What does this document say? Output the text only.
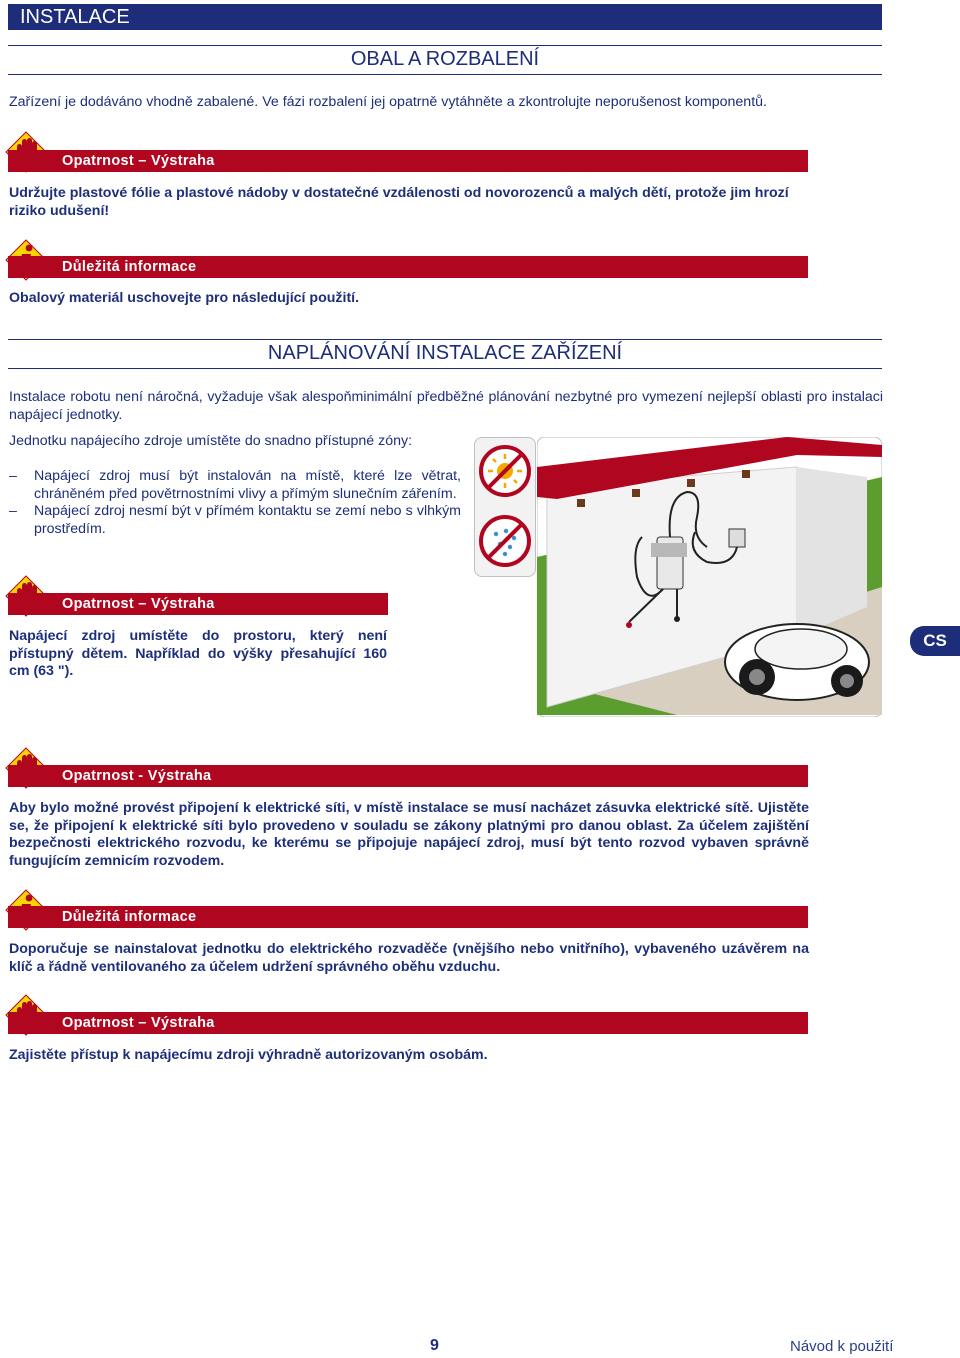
INSTALACE
OBAL A ROZBALENÍ
Zařízení je dodáváno vhodně zabalené. Ve fázi rozbalení jej opatrně vytáhněte a zkontrolujte neporušenost komponentů.
Opatrnost – Výstraha
Udržujte plastové fólie a plastové nádoby v dostatečné vzdálenosti od novorozenců a malých dětí, protože jim hrozí riziko udušení!
Důležitá informace
Obalový materiál uschovejte pro následující použití.
NAPLÁNOVÁNÍ INSTALACE ZAŘÍZENÍ
Instalace robotu není náročná, vyžaduje však alespoňminimální předběžné plánování nezbytné pro vymezení nejlepší oblasti pro instalaci napájecí jednotky.
Jednotku napájecího zdroje umístěte do snadno přístupné zóny:
– Napájecí zdroj musí být instalován na místě, které lze větrat, chráněném před povětrnostními vlivy a přímým slunečním zářením.
– Napájecí zdroj nesmí být v přímém kontaktu se zemí nebo s vlhkým prostředím.
Opatrnost – Výstraha
Napájecí zdroj umístěte do prostoru, který není přístupný dětem. Například do výšky přesahující 160 cm (63 ").
CS
Opatrnost - Výstraha
Aby bylo možné provést připojení k elektrické síti, v místě instalace se musí nacházet zásuvka elektrické sítě. Ujistěte se, že připojení k elektrické síti bylo provedeno v souladu se zákony platnými pro danou oblast. Za účelem zajištění bezpečnosti elektrického rozvodu, ke kterému se připojuje napájecí zdroj, musí být tento rozvod vybaven správně fungujícím zemnicím rozvodem.
Důležitá informace
Doporučuje se nainstalovat jednotku do elektrického rozvaděče (vnějšího nebo vnitřního), vybaveného uzávěrem na klíč a řádně ventilovaného za účelem udržení správného oběhu vzduchu.
Opatrnost – Výstraha
Zajistěte přístup k napájecímu zdroji výhradně autorizovaným osobám.
9	Návod k použití
